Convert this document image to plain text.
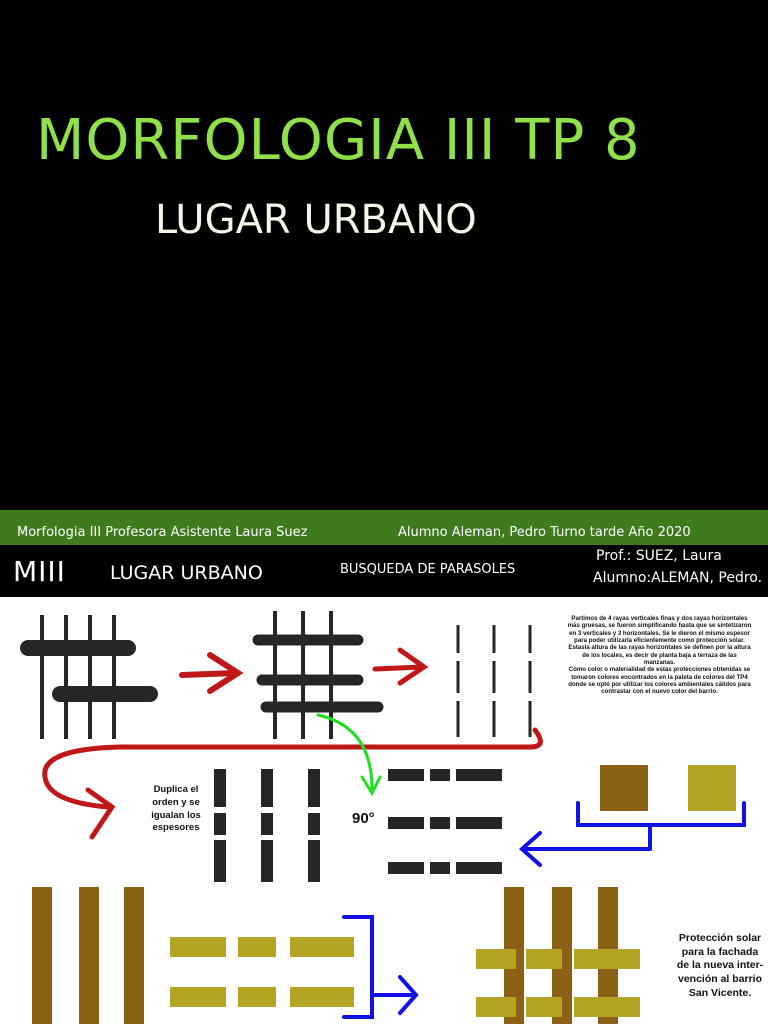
MORFOLOGIA III TP 8
LUGAR URBANO
Morfologia III Profesora Asistente Laura Suez	Alumno Aleman, Pedro Turno tarde Año 2020
MIII LUGAR URBANO	BUSQUEDA DE PARASOLES
Prof.: SUEZ, Laura
Alumno:ALEMAN, Pedro.
Partimos de 4 rayas verticales finas y dos rayas horizontales más gruesas, se fueron simplificando hasta que se sintetizaron en 3 verticales y 3 horizontales. Se le dieron el mismo espesor para poder utilizarla eficientemente como protección solar. Estasla altura de las rayas horizontales se definen por la altura de los locales, es decir de planta baja a terraza de las manzanas.
Como color o materialidad de estas protecciones obtenidas se tomaron colores encontrados en la paleta de colores del TP4 donde se optó por utilizar los colores ambientales cálidos para contrastar con el nuevo color del barrio.
Duplica el orden y se igualan los espesores
90°
Protección solar para la fachada de la nueva inter-vención al barrio San Vicente.
